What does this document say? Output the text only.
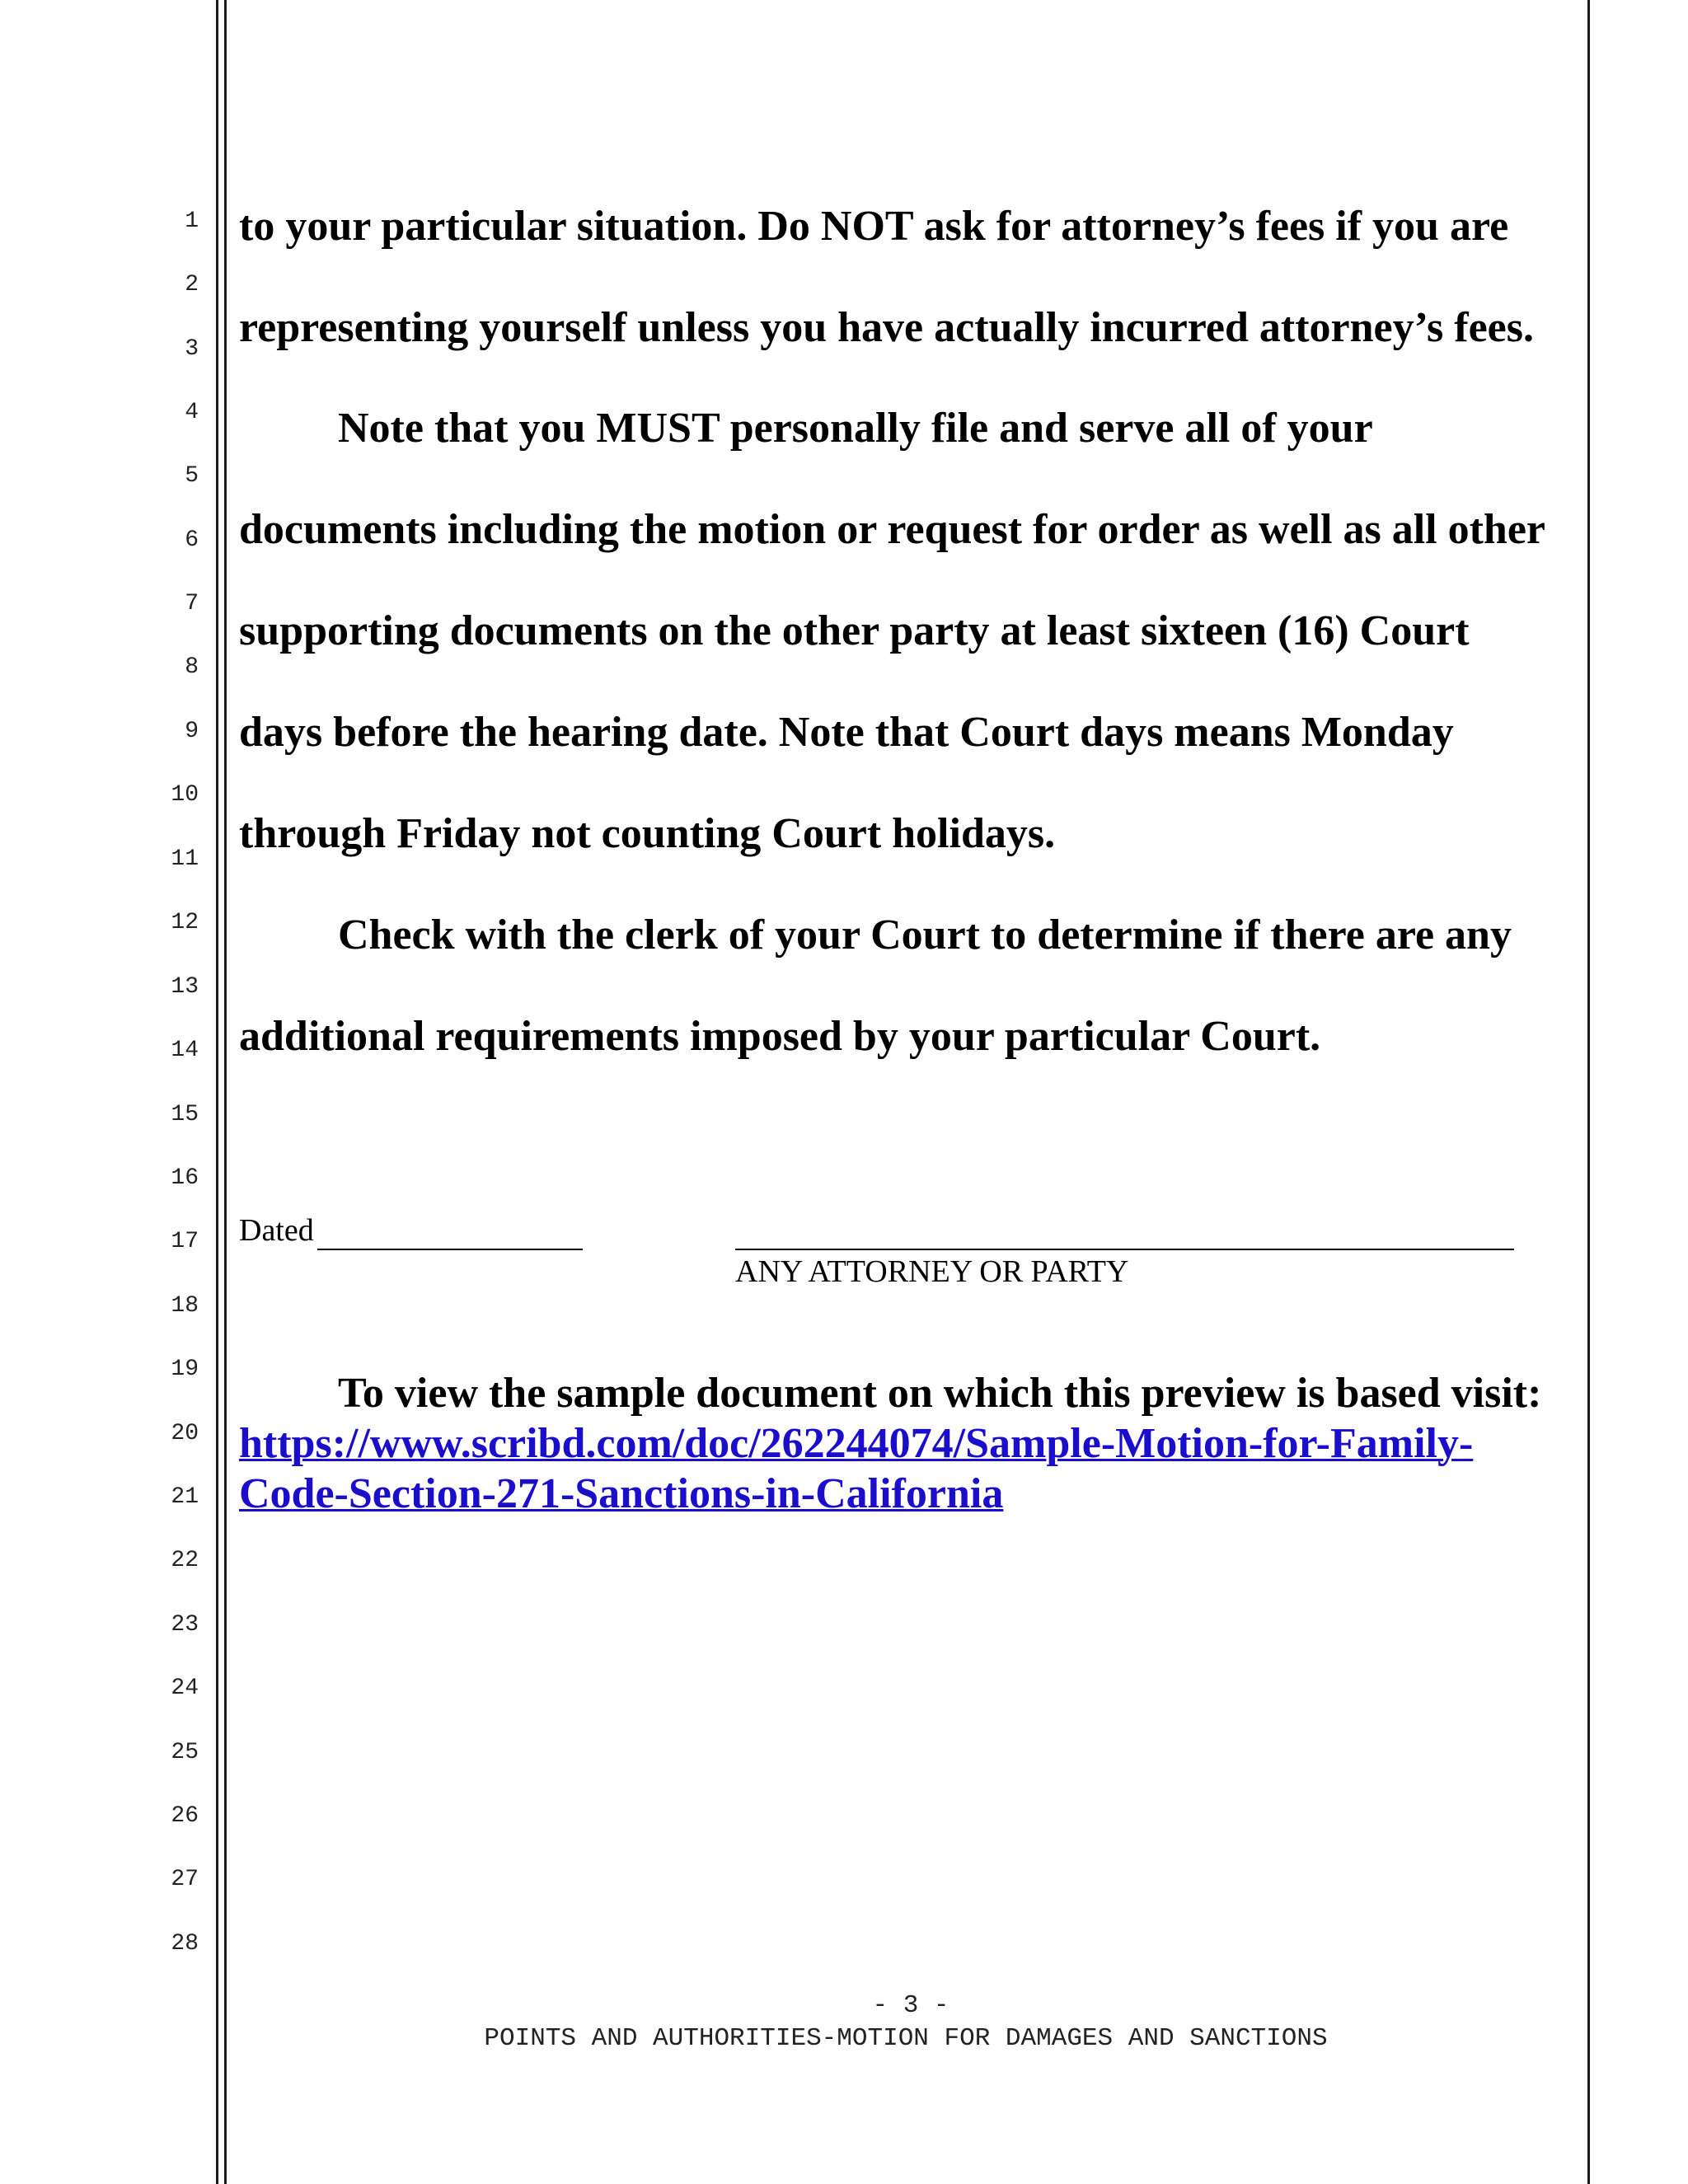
1
2
3
4
5
6
7
8
9
10
11
12
13
14
15
16
17
18
19
20
21
22
23
24
25
26
27
28
to your particular situation. Do NOT ask for attorney’s fees if you are
representing yourself unless you have actually incurred attorney’s fees.
Note that you MUST personally file and serve all of your
documents including the motion or request for order as well as all other
supporting documents on the other party at least sixteen (16) Court
days before the hearing date. Note that Court days means Monday
through Friday not counting Court holidays.
Check with the clerk of your Court to determine if there are any
additional requirements imposed by your particular Court.
Dated
ANY ATTORNEY OR PARTY
To view the sample document on which this preview is based visit:
https://www.scribd.com/doc/262244074/Sample-Motion-for-Family-
Code-Section-271-Sanctions-in-California
- 3 -
POINTS AND AUTHORITIES-MOTION FOR DAMAGES AND SANCTIONS
